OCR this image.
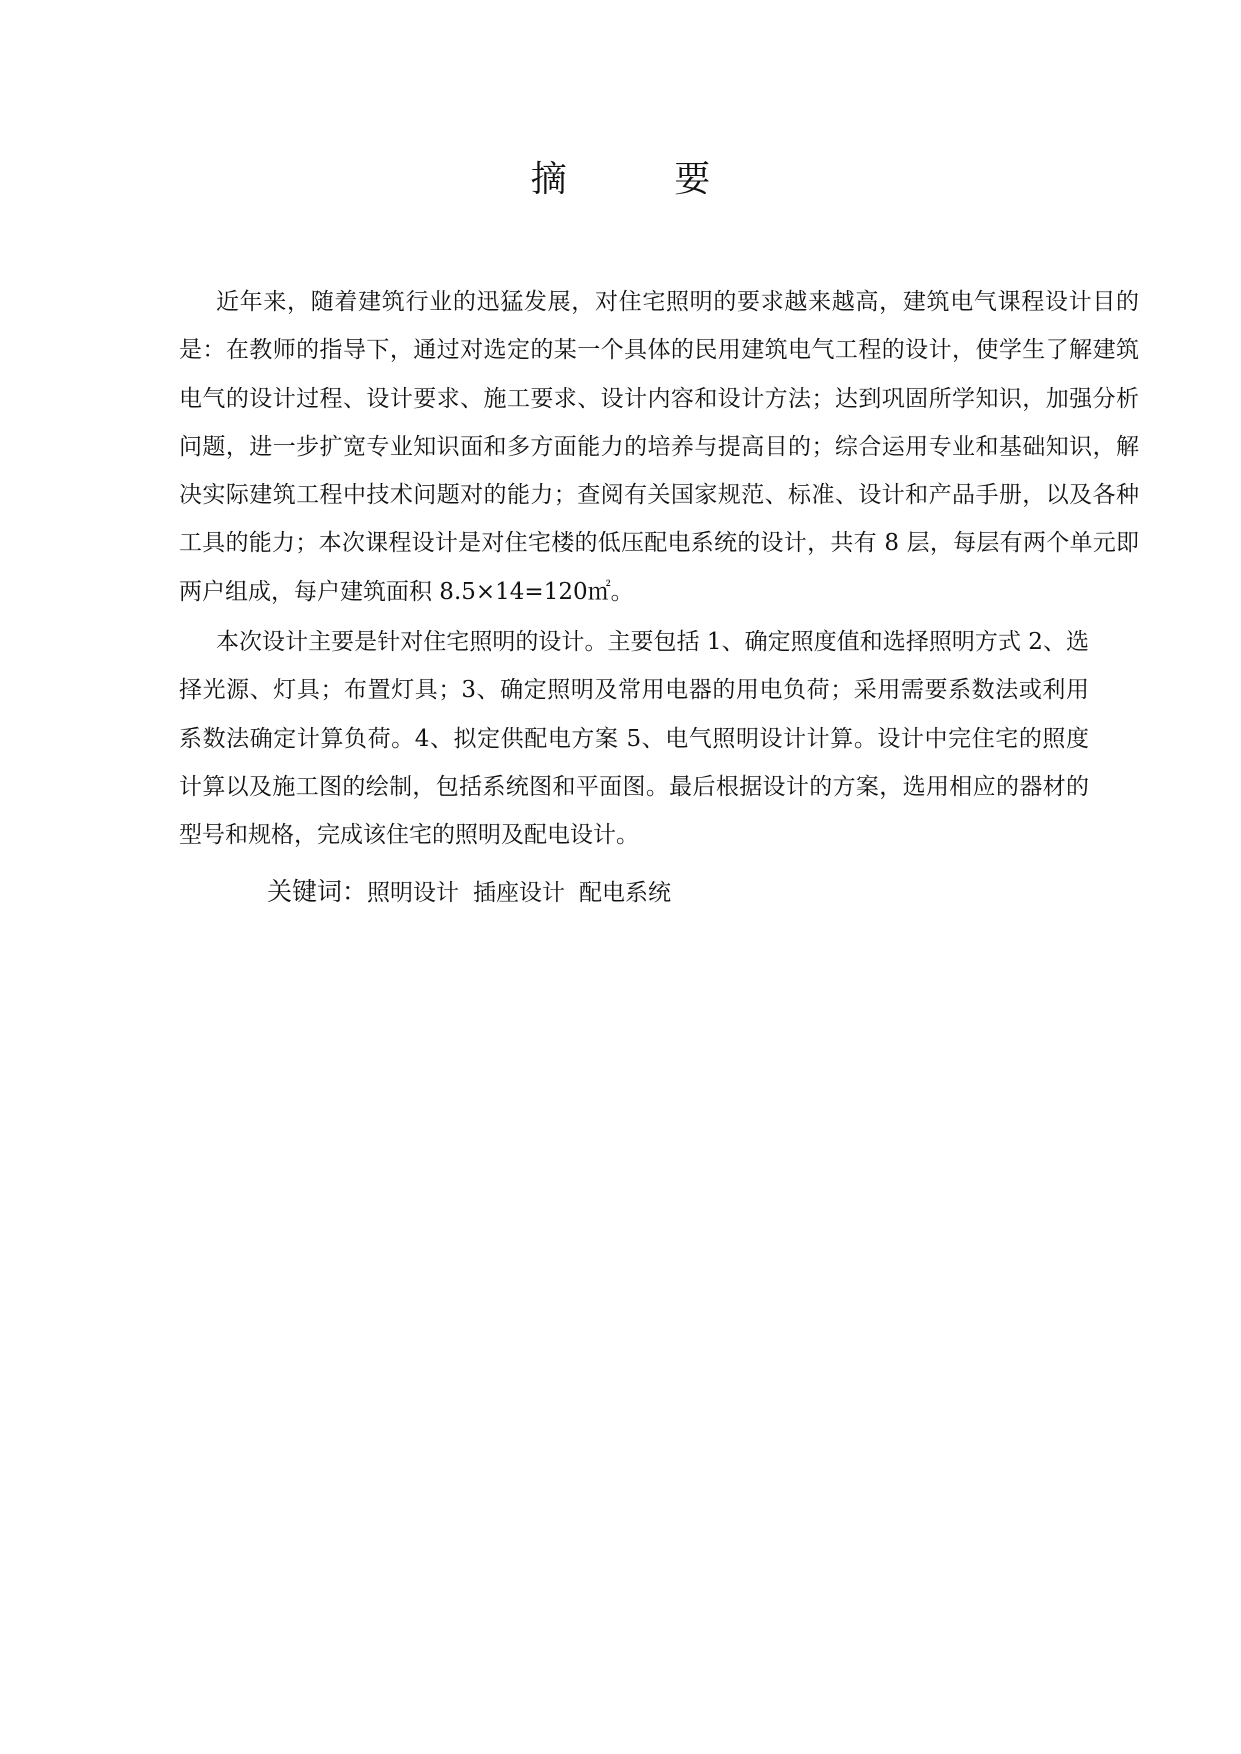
摘 要

近年来，随着建筑行业的迅猛发展，对住宅照明的要求越来越高，建筑电气课程设计目的是：在教师的指导下，通过对选定的某一个具体的民用建筑电气工程的设计，使学生了解建筑电气的设计过程、设计要求、施工要求、设计内容和设计方法；达到巩固所学知识，加强分析问题，进一步扩宽专业知识面和多方面能力的培养与提高目的；综合运用专业和基础知识，解决实际建筑工程中技术问题对的能力；查阅有关国家规范、标准、设计和产品手册，以及各种工具的能力；本次课程设计是对住宅楼的低压配电系统的设计，共有 8 层，每层有两个单元即两户组成，每户建筑面积 8.5×14=120㎡。

本次设计主要是针对住宅照明的设计。主要包括 1、确定照度值和选择照明方式 2、选择光源、灯具；布置灯具；3、确定照明及常用电器的用电负荷；采用需要系数法或利用系数法确定计算负荷。4、拟定供配电方案 5、电气照明设计计算。设计中完住宅的照度计算以及施工图的绘制，包括系统图和平面图。最后根据设计的方案，选用相应的器材的型号和规格，完成该住宅的照明及配电设计。

关键词：照明设计 插座设计 配电系统
